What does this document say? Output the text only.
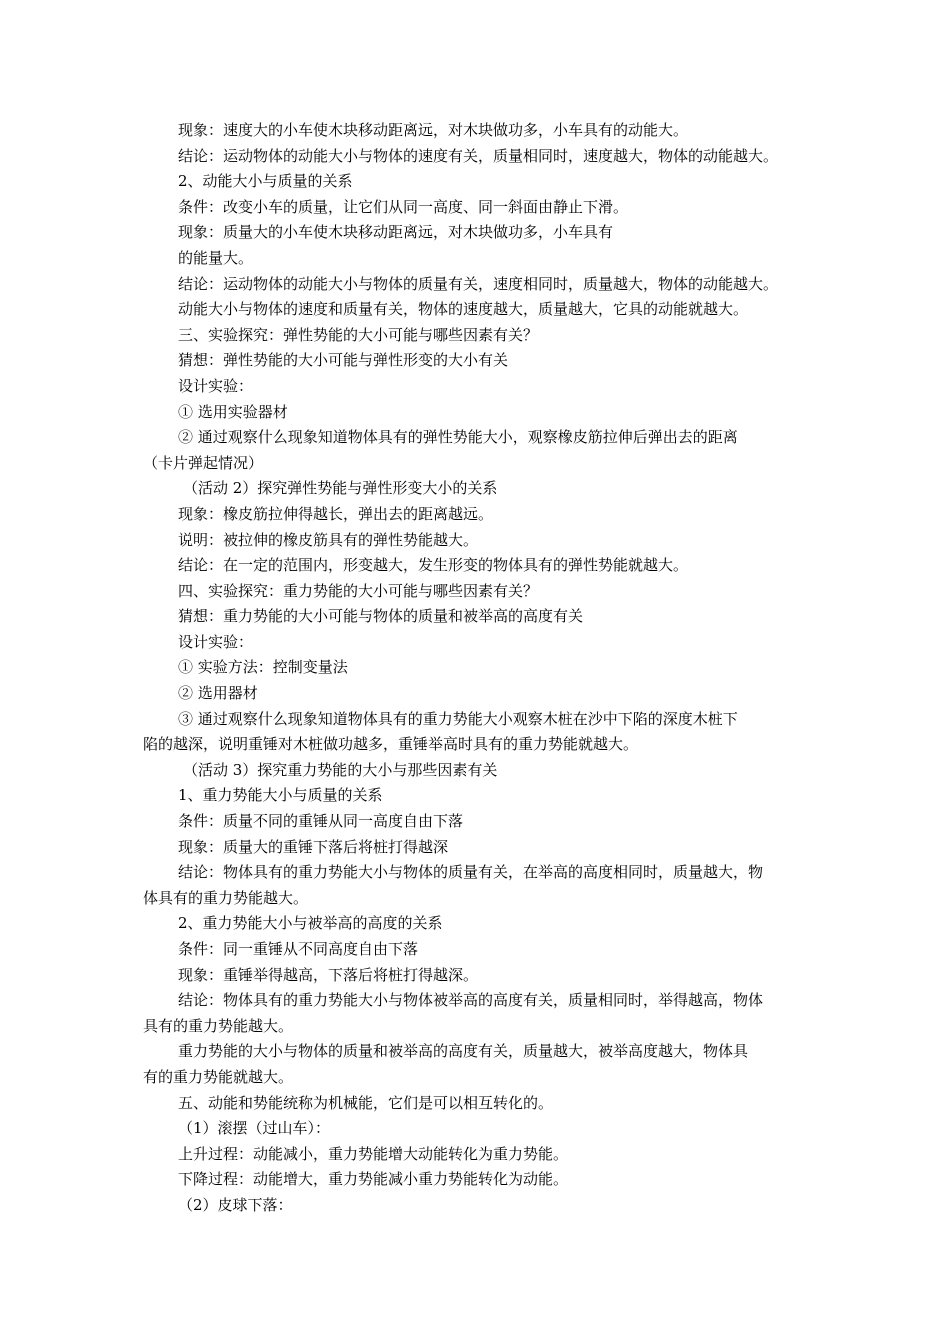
现象：速度大的小车使木块移动距离远，对木块做功多，小车具有的动能大。
结论：运动物体的动能大小与物体的速度有关，质量相同时，速度越大，物体的动能越大。
2、动能大小与质量的关系
条件：改变小车的质量，让它们从同一高度、同一斜面由静止下滑。
现象：质量大的小车使木块移动距离远，对木块做功多，小车具有
的能量大。
结论：运动物体的动能大小与物体的质量有关，速度相同时，质量越大，物体的动能越大。
动能大小与物体的速度和质量有关，物体的速度越大，质量越大，它具的动能就越大。
三、实验探究：弹性势能的大小可能与哪些因素有关？
猜想：弹性势能的大小可能与弹性形变的大小有关
设计实验：
① 选用实验器材
② 通过观察什么现象知道物体具有的弹性势能大小，观察橡皮筋拉伸后弹出去的距离
（卡片弹起情况）
（活动 2）探究弹性势能与弹性形变大小的关系
现象：橡皮筋拉伸得越长，弹出去的距离越远。
说明：被拉伸的橡皮筋具有的弹性势能越大。
结论：在一定的范围内，形变越大，发生形变的物体具有的弹性势能就越大。
四、实验探究：重力势能的大小可能与哪些因素有关？
猜想：重力势能的大小可能与物体的质量和被举高的高度有关
设计实验：
① 实验方法：控制变量法
② 选用器材
③ 通过观察什么现象知道物体具有的重力势能大小观察木桩在沙中下陷的深度木桩下
陷的越深，说明重锤对木桩做功越多，重锤举高时具有的重力势能就越大。
（活动 3）探究重力势能的大小与那些因素有关
1、重力势能大小与质量的关系
条件：质量不同的重锤从同一高度自由下落
现象：质量大的重锤下落后将桩打得越深
结论：物体具有的重力势能大小与物体的质量有关，在举高的高度相同时，质量越大，物
体具有的重力势能越大。
2、重力势能大小与被举高的高度的关系
条件：同一重锤从不同高度自由下落
现象：重锤举得越高，下落后将桩打得越深。
结论：物体具有的重力势能大小与物体被举高的高度有关，质量相同时，举得越高，物体
具有的重力势能越大。
重力势能的大小与物体的质量和被举高的高度有关，质量越大，被举高度越大，物体具
有的重力势能就越大。
五、动能和势能统称为机械能，它们是可以相互转化的。
（1）滚摆（过山车）：
上升过程：动能减小，重力势能增大动能转化为重力势能。
下降过程：动能增大，重力势能减小重力势能转化为动能。
（2）皮球下落：
